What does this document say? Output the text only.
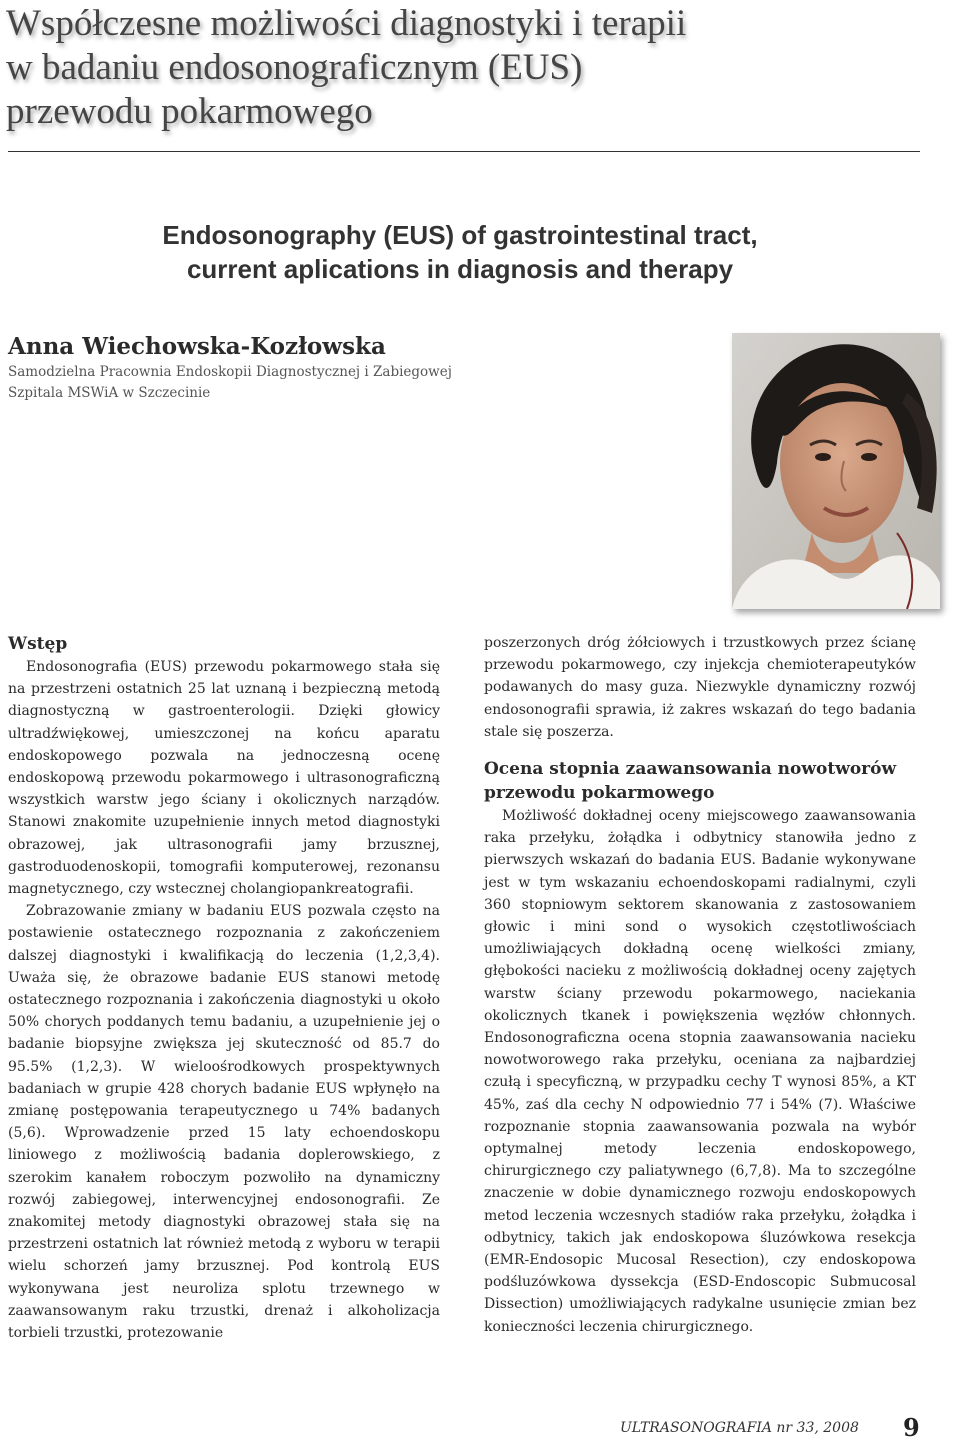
Współczesne możliwości diagnostyki i terapii
w badaniu endosonograficznym (EUS)
przewodu pokarmowego
Endosonography (EUS) of gastrointestinal tract,
current aplications in diagnosis and therapy
Anna Wiechowska-Kozłowska
Samodzielna Pracownia Endoskopii Diagnostycznej i Zabiegowej
Szpitala MSWiA w Szczecinie
Wstęp

Endosonografia (EUS) przewodu pokarmowego stała się na przestrzeni ostatnich 25 lat uznaną i bezpieczną metodą diagnostyczną w gastroenterologii. Dzięki głowicy ultradźwiękowej, umieszczonej na końcu aparatu endoskopowego pozwala na jednoczesną ocenę endoskopową przewodu pokarmowego i ultrasonograficzną wszystkich warstw jego ściany i okolicznych narządów. Stanowi znakomite uzupełnienie innych metod diagnostyki obrazowej, jak ultrasonografii jamy brzusznej, gastroduodenoskopii, tomografii komputerowej, rezonansu magnetycznego, czy wstecznej cholangiopankreatografii.

Zobrazowanie zmiany w badaniu EUS pozwala często na postawienie ostatecznego rozpoznania z zakończeniem dalszej diagnostyki i kwalifikacją do leczenia (1,2,3,4). Uważa się, że obrazowe badanie EUS stanowi metodę ostatecznego rozpoznania i zakończenia diagnostyki u około 50% chorych poddanych temu badaniu, a uzupełnienie jej o badanie biopsyjne zwiększa jej skuteczność od 85.7 do 95.5% (1,2,3). W wieloośrodkowych prospektywnych badaniach w grupie 428 chorych badanie EUS wpłynęło na zmianę postępowania terapeutycznego u 74% badanych (5,6). Wprowadzenie przed 15 laty echoendoskopu liniowego z możliwością badania doplerowskiego, z szerokim kanałem roboczym pozwoliło na dynamiczny rozwój zabiegowej, interwencyjnej endosonografii. Ze znakomitej metody diagnostyki obrazowej stała się na przestrzeni ostatnich lat również metodą z wyboru w terapii wielu schorzeń jamy brzusznej. Pod kontrolą EUS wykonywana jest neuroliza splotu trzewnego w zaawansowanym raku trzustki, drenaż i alkoholizacja torbieli trzustki, protezowanie

poszerzonych dróg żółciowych i trzustkowych przez ścianę przewodu pokarmowego, czy injekcja chemioterapeutyków podawanych do masy guza. Niezwykle dynamiczny rozwój endosonografii sprawia, iż zakres wskazań do tego badania stale się poszerza.

Ocena stopnia zaawansowania nowotworów przewodu pokarmowego

Możliwość dokładnej oceny miejscowego zaawansowania raka przełyku, żołądka i odbytnicy stanowiła jedno z pierwszych wskazań do badania EUS. Badanie wykonywane jest w tym wskazaniu echoendoskopami radialnymi, czyli 360 stopniowym sektorem skanowania z zastosowaniem głowic i mini sond o wysokich częstotliwościach umożliwiających dokładną ocenę wielkości zmiany, głębokości nacieku z możliwością dokładnej oceny zajętych warstw ściany przewodu pokarmowego, naciekania okolicznych tkanek i powiększenia węzłów chłonnych. Endosonograficzna ocena stopnia zaawansowania nacieku nowotworowego raka przełyku, oceniana za najbardziej czułą i specyficzną, w przypadku cechy T wynosi 85%, a KT 45%, zaś dla cechy N odpowiednio 77 i 54% (7). Właściwe rozpoznanie stopnia zaawansowania pozwala na wybór optymalnej metody leczenia endoskopowego, chirurgicznego czy paliatywnego (6,7,8). Ma to szczególne znaczenie w dobie dynamicznego rozwoju endoskopowych metod leczenia wczesnych stadiów raka przełyku, żołądka i odbytnicy, takich jak endoskopowa śluzówkowa resekcja (EMR-Endosopic Mucosal Resection), czy endoskopowa podśluzówkowa dyssekcja (ESD-Endoscopic Submucosal Dissection) umożliwiających radykalne usunięcie zmian bez konieczności leczenia chirurgicznego.

ULTRASONOGRAFIA nr 33, 2008	9
